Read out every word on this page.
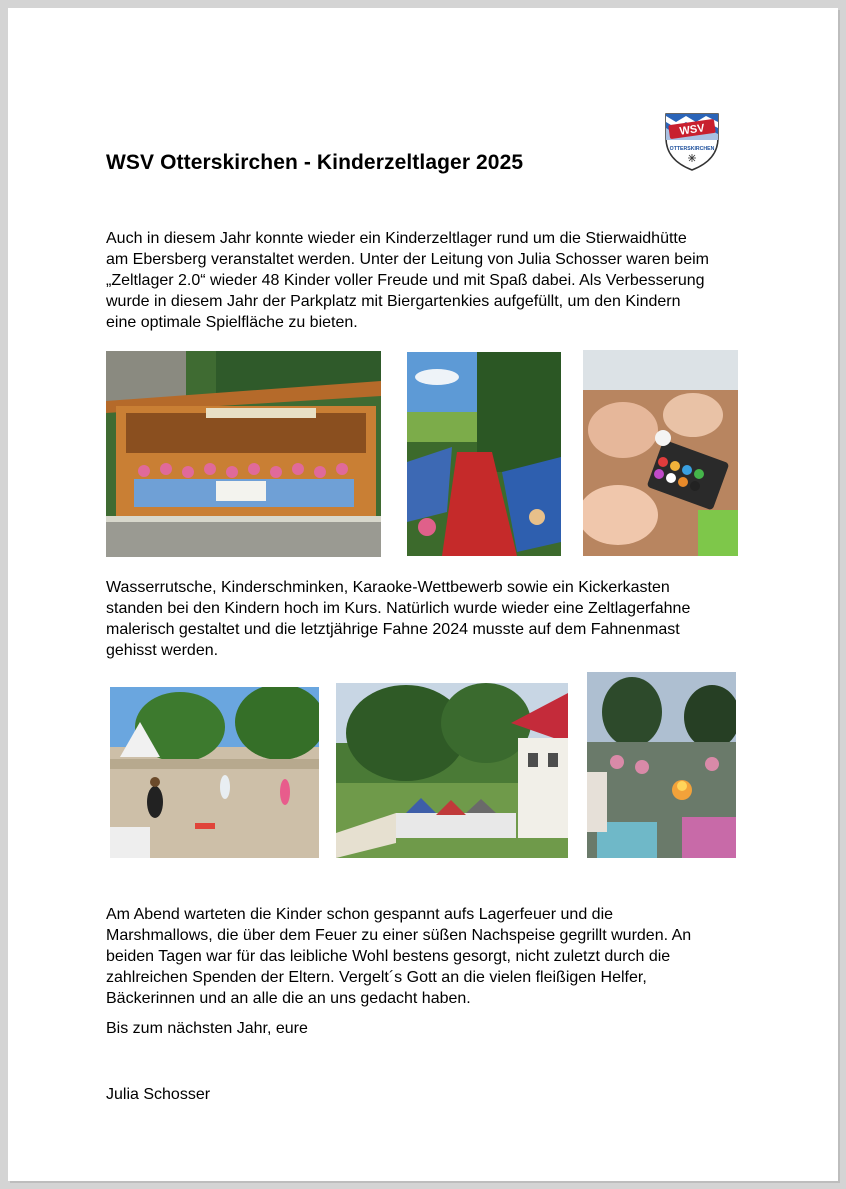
WSV
OTTERSKIRCHEN
WSV Otterskirchen - Kinderzeltlager 2025

Auch in diesem Jahr konnte wieder ein Kinderzeltlager rund um die Stierwaidhütte
am Ebersberg veranstaltet werden. Unter der Leitung von Julia Schosser waren beim
„Zeltlager 2.0“ wieder 48 Kinder voller Freude und mit Spaß dabei. Als Verbesserung
wurde in diesem Jahr der Parkplatz mit Biergartenkies aufgefüllt, um den Kindern
eine optimale Spielfläche zu bieten.

Wasserrutsche, Kinderschminken, Karaoke-Wettbewerb sowie ein Kickerkasten
standen bei den Kindern hoch im Kurs. Natürlich wurde wieder eine Zeltlagerfahne
malerisch gestaltet und die letztjährige Fahne 2024 musste auf dem Fahnenmast
gehisst werden.

Am Abend warteten die Kinder schon gespannt aufs Lagerfeuer und die
Marshmallows, die über dem Feuer zu einer süßen Nachspeise gegrillt wurden. An
beiden Tagen war für das leibliche Wohl bestens gesorgt, nicht zuletzt durch die
zahlreichen Spenden der Eltern. Vergelt´s Gott an die vielen fleißigen Helfer,
Bäckerinnen und an alle die an uns gedacht haben.

Bis zum nächsten Jahr, eure

Julia Schosser
